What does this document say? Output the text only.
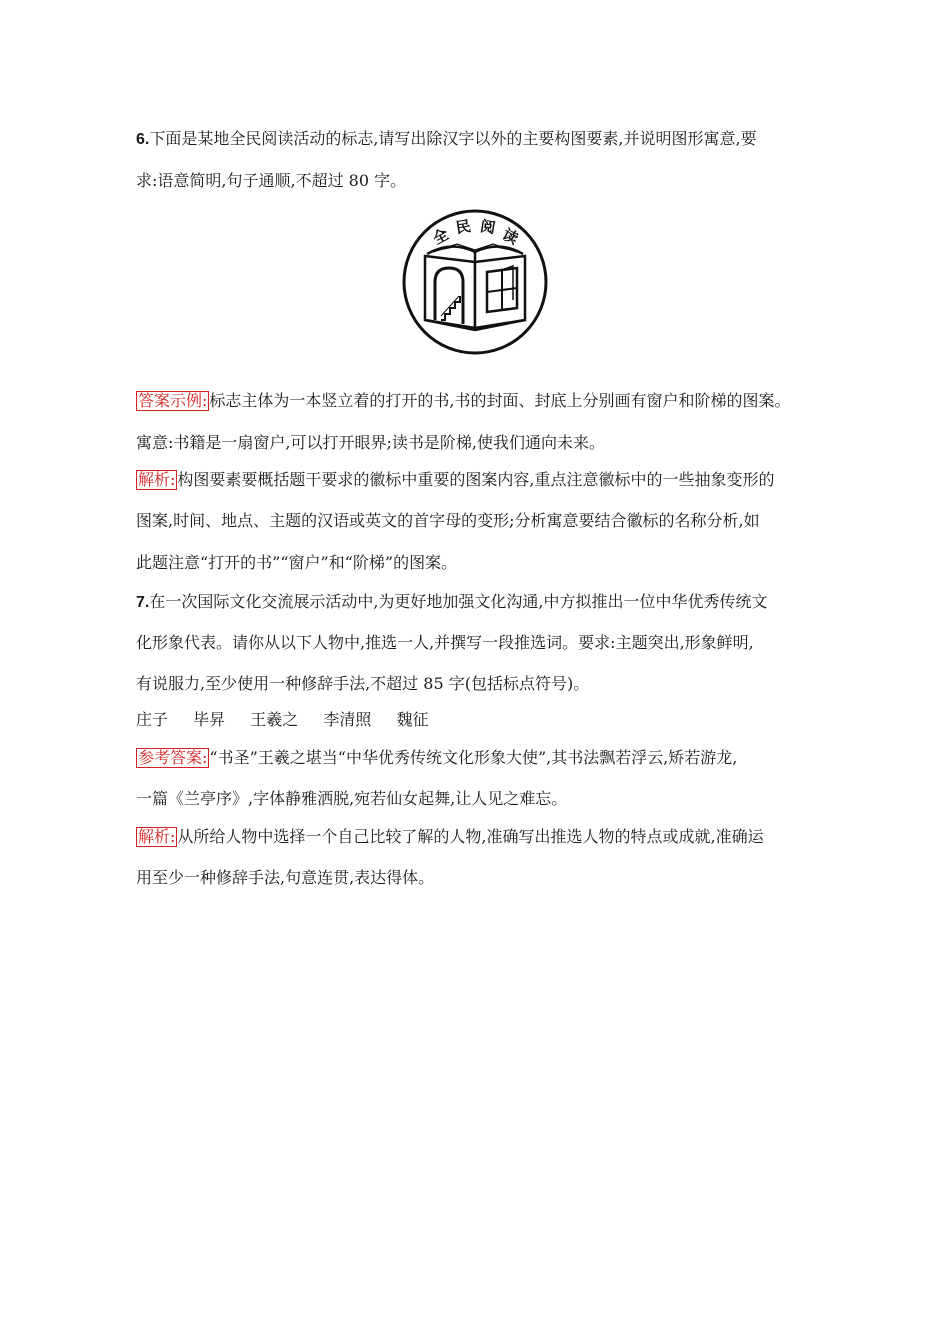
6.下面是某地全民阅读活动的标志,请写出除汉字以外的主要构图要素,并说明图形寓意,要
求:语意简明,句子通顺,不超过 80 字。
全 民 阅 读
答案示例: 标志主体为一本竖立着的打开的书,书的封面、封底上分别画有窗户和阶梯的图案。
寓意:书籍是一扇窗户,可以打开眼界;读书是阶梯,使我们通向未来。
解析: 构图要素要概括题干要求的徽标中重要的图案内容,重点注意徽标中的一些抽象变形的
图案,时间、地点、主题的汉语或英文的首字母的变形;分析寓意要结合徽标的名称分析,如
此题注意“打开的书”“窗户”和“阶梯”的图案。
7.在一次国际文化交流展示活动中,为更好地加强文化沟通,中方拟推出一位中华优秀传统文
化形象代表。请你从以下人物中,推选一人,并撰写一段推选词。要求:主题突出,形象鲜明,
有说服力,至少使用一种修辞手法,不超过 85 字(包括标点符号)。
庄子 毕昇 王羲之 李清照 魏征
参考答案: “书圣”王羲之堪当“中华优秀传统文化形象大使”,其书法飘若浮云,矫若游龙,
一篇《兰亭序》,字体静雅洒脱,宛若仙女起舞,让人见之难忘。
解析: 从所给人物中选择一个自己比较了解的人物,准确写出推选人物的特点或成就,准确运
用至少一种修辞手法,句意连贯,表达得体。
